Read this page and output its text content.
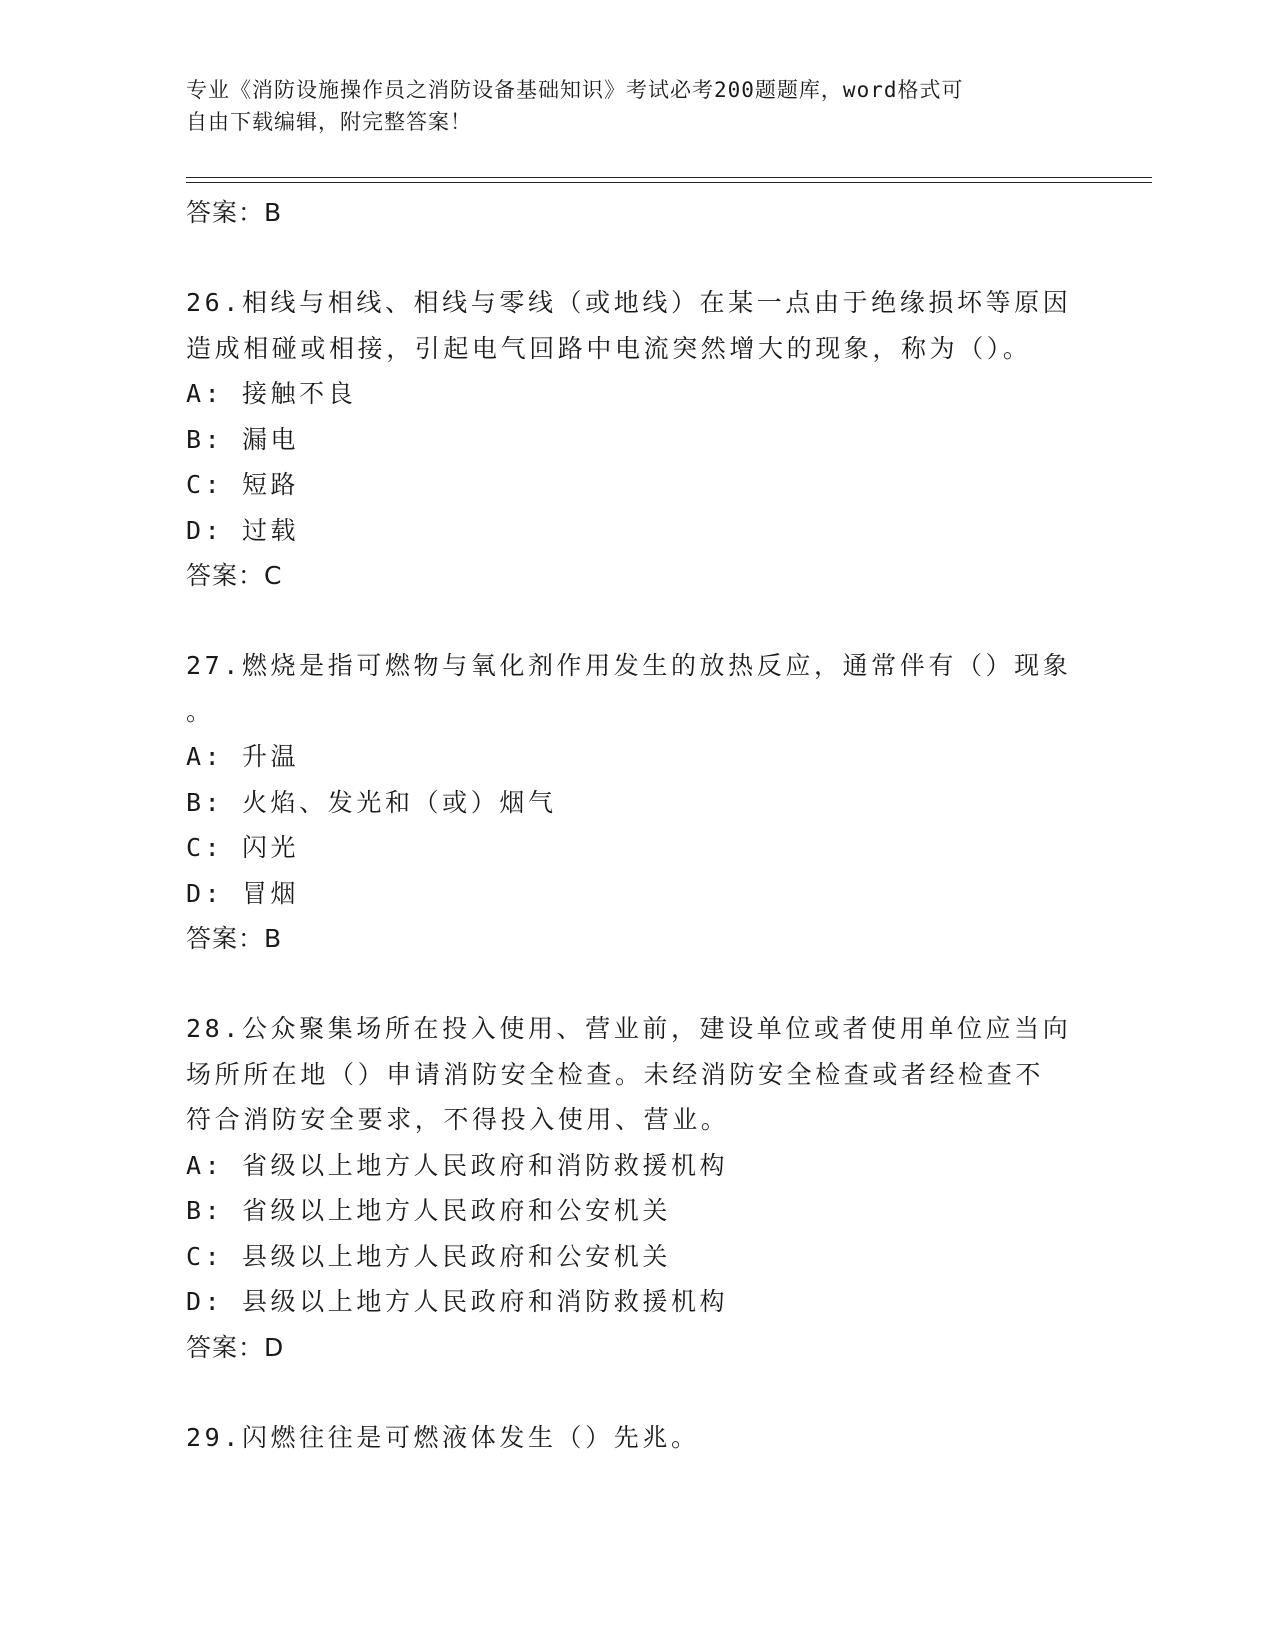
专业《消防设施操作员之消防设备基础知识》考试必考200题题库，word格式可
自由下载编辑，附完整答案！
答案：B
26.相线与相线、相线与零线（或地线）在某一点由于绝缘损坏等原因
造成相碰或相接，引起电气回路中电流突然增大的现象，称为（）。
A: 接触不良
B: 漏电
C: 短路
D: 过载
答案：C
27.燃烧是指可燃物与氧化剂作用发生的放热反应，通常伴有（）现象
。
A: 升温
B: 火焰、发光和（或）烟气
C: 闪光
D: 冒烟
答案：B
28.公众聚集场所在投入使用、营业前，建设单位或者使用单位应当向
场所所在地（）申请消防安全检查。未经消防安全检查或者经检查不
符合消防安全要求，不得投入使用、营业。
A: 省级以上地方人民政府和消防救援机构
B: 省级以上地方人民政府和公安机关
C: 县级以上地方人民政府和公安机关
D: 县级以上地方人民政府和消防救援机构
答案：D
29.闪燃往往是可燃液体发生（）先兆。
